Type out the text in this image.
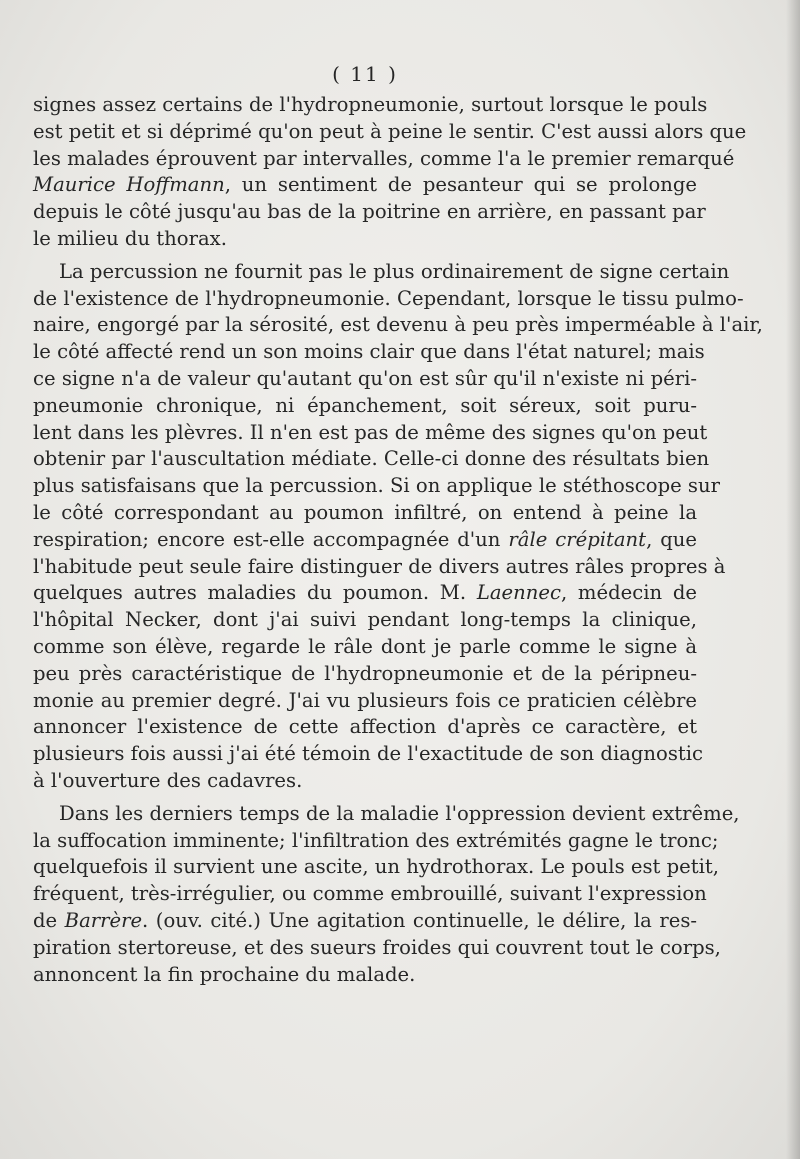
( 11 )
signes assez certains de l'hydropneumonie, surtout lorsque le pouls
est petit et si déprimé qu'on peut à peine le sentir. C'est aussi alors que
les malades éprouvent par intervalles, comme l'a le premier remarqué
Maurice Hoffmann, un sentiment de pesanteur qui se prolonge
depuis le côté jusqu'au bas de la poitrine en arrière, en passant par
le milieu du thorax.
La percussion ne fournit pas le plus ordinairement de signe certain
de l'existence de l'hydropneumonie. Cependant, lorsque le tissu pulmo-
naire, engorgé par la sérosité, est devenu à peu près imperméable à l'air,
le côté affecté rend un son moins clair que dans l'état naturel; mais
ce signe n'a de valeur qu'autant qu'on est sûr qu'il n'existe ni péri-
pneumonie chronique, ni épanchement, soit séreux, soit puru-
lent dans les plèvres. Il n'en est pas de même des signes qu'on peut
obtenir par l'auscultation médiate. Celle-ci donne des résultats bien
plus satisfaisans que la percussion. Si on applique le stéthoscope sur
le côté correspondant au poumon infiltré, on entend à peine la
respiration; encore est-elle accompagnée d'un râle crépitant, que
l'habitude peut seule faire distinguer de divers autres râles propres à
quelques autres maladies du poumon. M. Laennec, médecin de
l'hôpital Necker, dont j'ai suivi pendant long-temps la clinique,
comme son élève, regarde le râle dont je parle comme le signe à
peu près caractéristique de l'hydropneumonie et de la péripneu-
monie au premier degré. J'ai vu plusieurs fois ce praticien célèbre
annoncer l'existence de cette affection d'après ce caractère, et
plusieurs fois aussi j'ai été témoin de l'exactitude de son diagnostic
à l'ouverture des cadavres.
Dans les derniers temps de la maladie l'oppression devient extrême,
la suffocation imminente; l'infiltration des extrémités gagne le tronc;
quelquefois il survient une ascite, un hydrothorax. Le pouls est petit,
fréquent, très-irrégulier, ou comme embrouillé, suivant l'expression
de Barrère. (ouv. cité.) Une agitation continuelle, le délire, la res-
piration stertoreuse, et des sueurs froides qui couvrent tout le corps,
annoncent la fin prochaine du malade.
